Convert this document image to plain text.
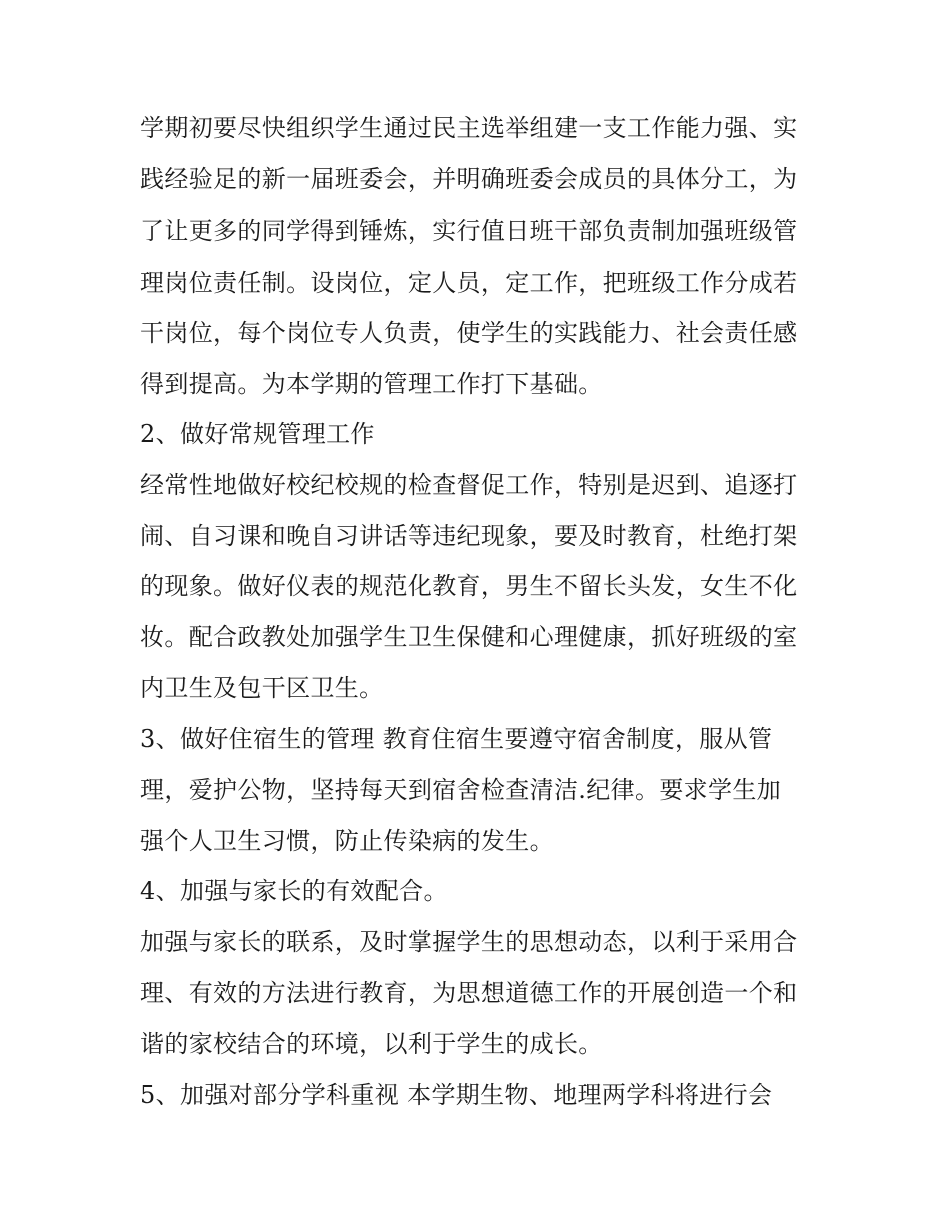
学期初要尽快组织学生通过民主选举组建一支工作能力强、实
践经验足的新一届班委会，并明确班委会成员的具体分工，为
了让更多的同学得到锤炼，实行值日班干部负责制加强班级管
理岗位责任制。设岗位，定人员，定工作，把班级工作分成若
干岗位，每个岗位专人负责，使学生的实践能力、社会责任感
得到提高。为本学期的管理工作打下基础。
2、做好常规管理工作
经常性地做好校纪校规的检查督促工作，特别是迟到、追逐打
闹、自习课和晚自习讲话等违纪现象，要及时教育，杜绝打架
的现象。做好仪表的规范化教育，男生不留长头发，女生不化
妆。配合政教处加强学生卫生保健和心理健康，抓好班级的室
内卫生及包干区卫生。
3、做好住宿生的管理 教育住宿生要遵守宿舍制度，服从管
理，爱护公物，坚持每天到宿舍检查清洁.纪律。要求学生加
强个人卫生习惯，防止传染病的发生。
4、加强与家长的有效配合。
加强与家长的联系，及时掌握学生的思想动态，以利于采用合
理、有效的方法进行教育，为思想道德工作的开展创造一个和
谐的家校结合的环境，以利于学生的成长。
5、加强对部分学科重视 本学期生物、地理两学科将进行会
